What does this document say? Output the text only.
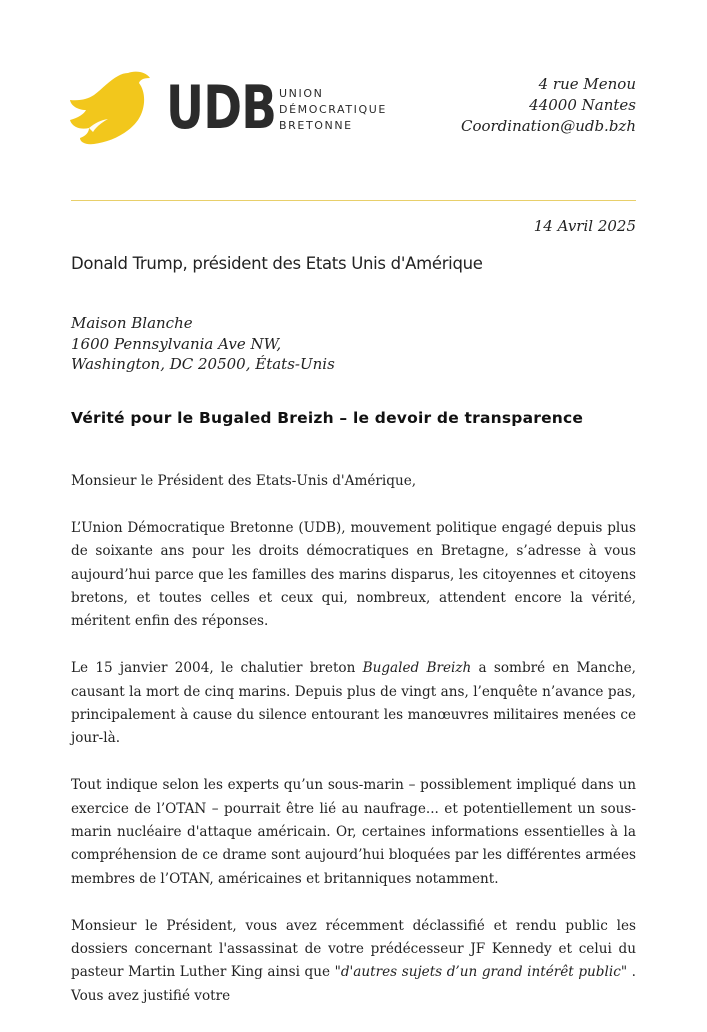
UDB UNION
DÉMOCRATIQUE
BRETONNE
4 rue Menou
44000 Nantes
Coordination@udb.bzh
14 Avril 2025
Donald Trump, président des Etats Unis d'Amérique
Maison Blanche
1600 Pennsylvania Ave NW,
Washington, DC 20500, États-Unis
Vérité pour le Bugaled Breizh – le devoir de transparence

Monsieur le Président des Etats-Unis d'Amérique,

L’Union Démocratique Bretonne (UDB), mouvement politique engagé depuis plus de soixante ans pour les droits démocratiques en Bretagne, s’adresse à vous aujourd’hui parce que les familles des marins disparus, les citoyennes et citoyens bretons, et toutes celles et ceux qui, nombreux, attendent encore la vérité, méritent enfin des réponses.

Le 15 janvier 2004, le chalutier breton Bugaled Breizh a sombré en Manche, causant la mort de cinq marins. Depuis plus de vingt ans, l’enquête n’avance pas, principalement à cause du silence entourant les manœuvres militaires menées ce jour-là.

Tout indique selon les experts qu’un sous-marin – possiblement impliqué dans un exercice de l’OTAN – pourrait être lié au naufrage... et potentiellement un sous-marin nucléaire d'attaque américain. Or, certaines informations essentielles à la compréhension de ce drame sont aujourd’hui bloquées par les différentes armées membres de l’OTAN, américaines et britanniques notamment.

Monsieur le Président, vous avez récemment déclassifié et rendu public les dossiers concernant l'assassinat de votre prédécesseur JF Kennedy et celui du pasteur Martin Luther King ainsi que "d'autres sujets d’un grand intérêt public" . Vous avez justifié votre
